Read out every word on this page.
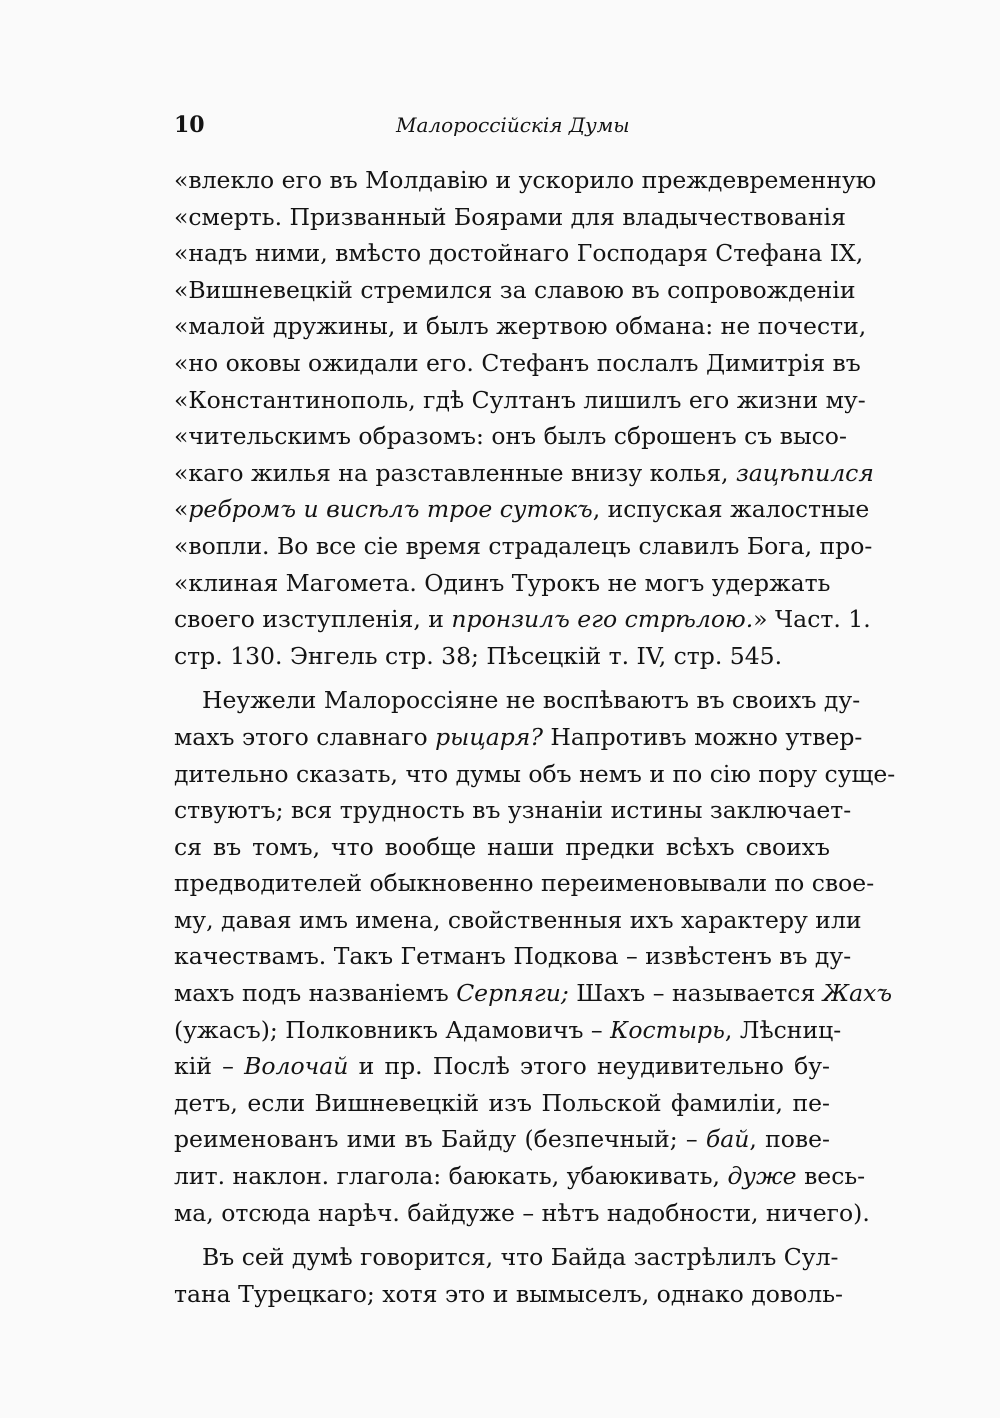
10	Малороссійскія Думы
«влекло его въ Молдавію и ускорило преждевременную
«смерть. Призванный Боярами для владычествованія
«надъ ними, вмѣсто достойнаго Господаря Стефана IX,
«Вишневецкій стремился за славою въ сопровожденіи
«малой дружины, и былъ жертвою обмана: не почести,
«но оковы ожидали его. Стефанъ послалъ Димитрія въ
«Константинополь, гдѣ Султанъ лишилъ его жизни му-
«чительскимъ образомъ: онъ былъ сброшенъ съ высо-
«каго жилья на разставленные внизу колья, зацѣпился
«ребромъ и висѣлъ трое сутокъ, испуская жалостные
«вопли. Во все сіе время страдалецъ славилъ Бога, про-
«клиная Магомета. Одинъ Турокъ не могъ удержать
своего изступленія, и пронзилъ его стрѣлою.» Част. 1.
стр. 130. Энгель стр. 38; Пѣсецкій т. IV, стр. 545.
Неужели Малороссіяне не воспѣваютъ въ своихъ ду-
махъ этого славнаго рыцаря? Напротивъ можно утвер-
дительно сказать, что думы объ немъ и по сію пору суще-
ствуютъ; вся трудность въ узнаніи истины заключает-
ся въ томъ, что вообще наши предки всѣхъ своихъ
предводителей обыкновенно переименовывали по свое-
му, давая имъ имена, свойственныя ихъ характеру или
качествамъ. Такъ Гетманъ Подкова – извѣстенъ въ ду-
махъ подъ названіемъ Серпяги; Шахъ – называется Жахъ
(ужасъ); Полковникъ Адамовичъ – Костырь, Лѣсниц-
кій – Волочай и пр. Послѣ этого неудивительно бу-
детъ, если Вишневецкій изъ Польской фамиліи, пе-
реименованъ ими въ Байду (безпечный; – бай, пове-
лит. наклон. глагола: баюкать, убаюкивать, дуже весь-
ма, отсюда нарѣч. байдуже – нѣтъ надобности, ничего).
Въ сей думѣ говорится, что Байда застрѣлилъ Сул-
тана Турецкаго; хотя это и вымыселъ, однако доволь-
